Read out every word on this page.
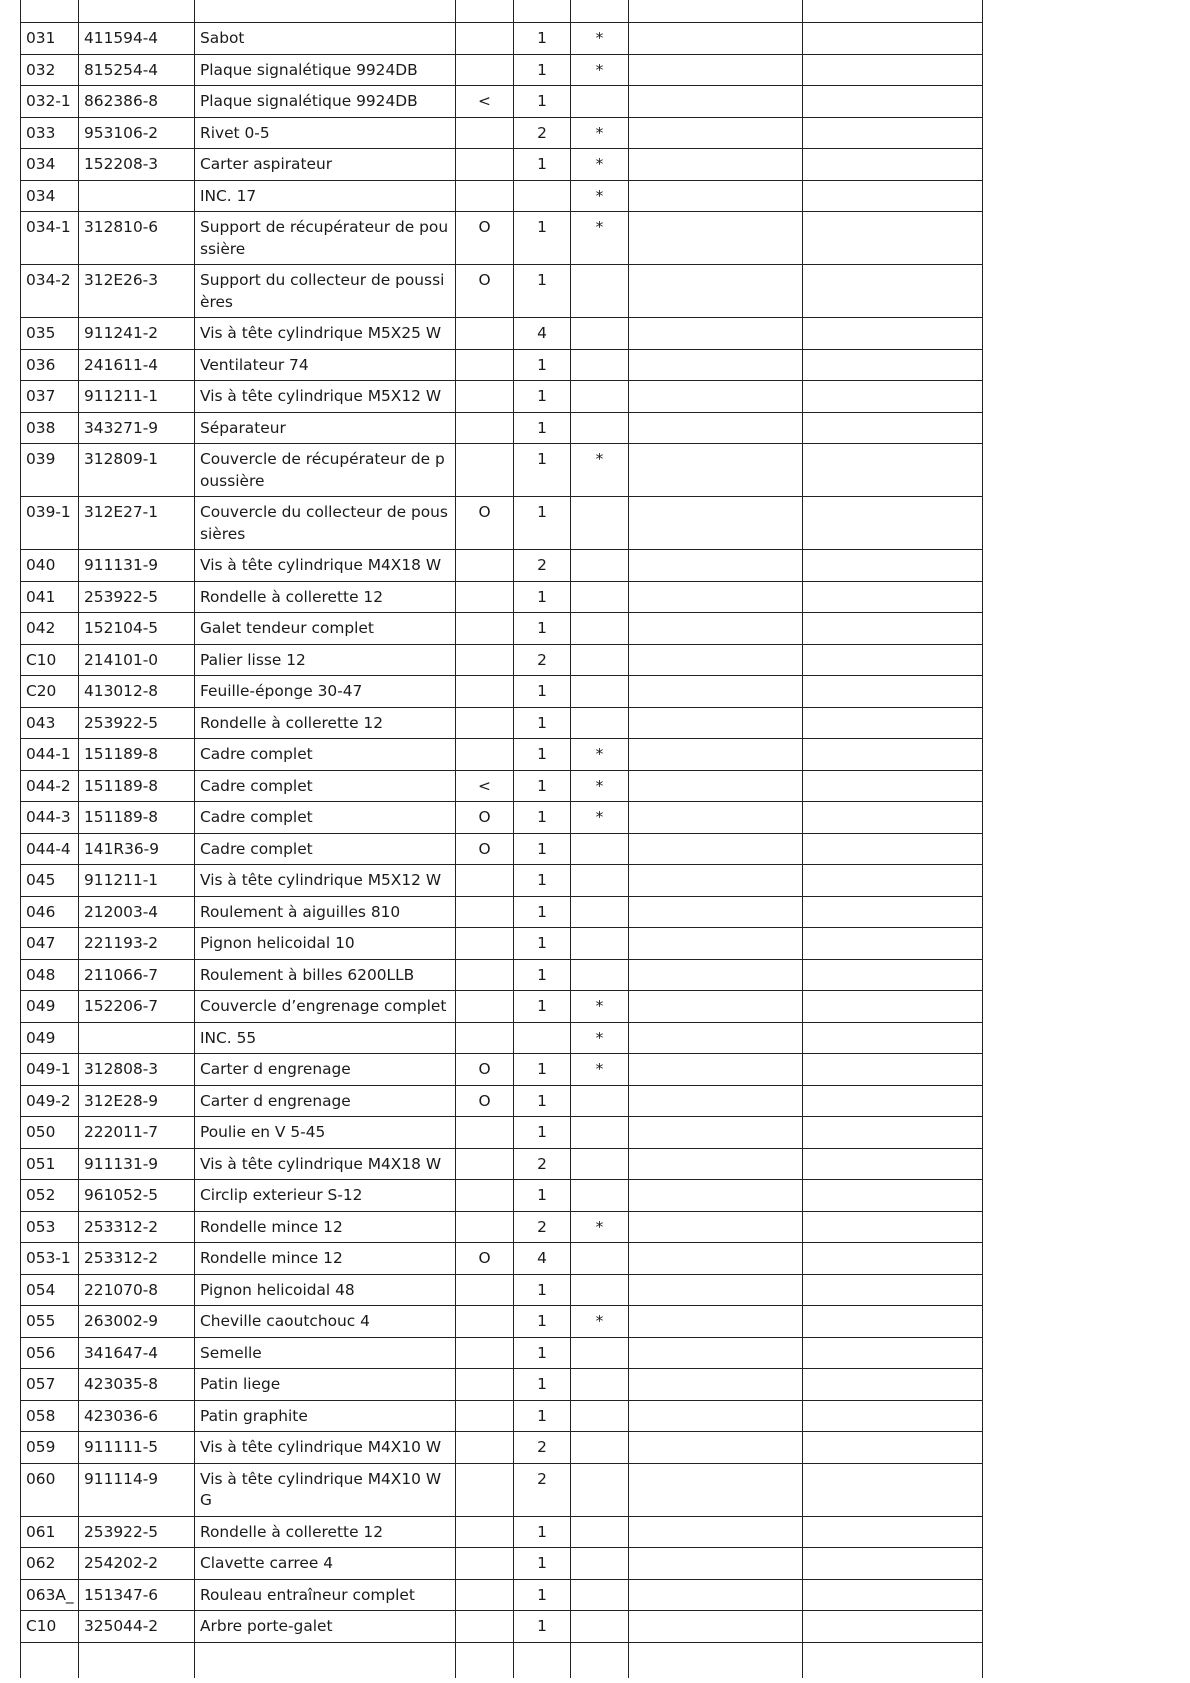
031	411594-4	Sabot		1	*		
032	815254-4	Plaque signalétique 9924DB		1	*		
032-1	862386-8	Plaque signalétique 9924DB	<	1			
033	953106-2	Rivet 0-5		2	*		
034	152208-3	Carter aspirateur		1	*		
034		INC. 17			*		
034-1	312810-6	Support de récupérateur de poussière	O	1	*		
034-2	312E26-3	Support du collecteur de poussières	O	1			
035	911241-2	Vis à tête cylindrique M5X25 W		4			
036	241611-4	Ventilateur 74		1			
037	911211-1	Vis à tête cylindrique M5X12 W		1			
038	343271-9	Séparateur		1			
039	312809-1	Couvercle de récupérateur de poussière		1	*		
039-1	312E27-1	Couvercle du collecteur de poussières	O	1			
040	911131-9	Vis à tête cylindrique M4X18 W		2			
041	253922-5	Rondelle à collerette 12		1			
042	152104-5	Galet tendeur complet		1			
C10	214101-0	Palier lisse 12		2			
C20	413012-8	Feuille-éponge 30-47		1			
043	253922-5	Rondelle à collerette 12		1			
044-1	151189-8	Cadre complet		1	*		
044-2	151189-8	Cadre complet	<	1	*		
044-3	151189-8	Cadre complet	O	1	*		
044-4	141R36-9	Cadre complet	O	1			
045	911211-1	Vis à tête cylindrique M5X12 W		1			
046	212003-4	Roulement à aiguilles 810		1			
047	221193-2	Pignon helicoidal 10		1			
048	211066-7	Roulement à billes 6200LLB		1			
049	152206-7	Couvercle d’engrenage complet		1	*		
049		INC. 55			*		
049-1	312808-3	Carter d engrenage	O	1	*		
049-2	312E28-9	Carter d engrenage	O	1			
050	222011-7	Poulie en V 5-45		1			
051	911131-9	Vis à tête cylindrique M4X18 W		2			
052	961052-5	Circlip exterieur S-12		1			
053	253312-2	Rondelle mince 12		2	*		
053-1	253312-2	Rondelle mince 12	O	4			
054	221070-8	Pignon helicoidal 48		1			
055	263002-9	Cheville caoutchouc 4		1	*		
056	341647-4	Semelle		1			
057	423035-8	Patin liege		1			
058	423036-6	Patin graphite		1			
059	911111-5	Vis à tête cylindrique M4X10 W		2			
060	911114-9	Vis à tête cylindrique M4X10 WG		2			
061	253922-5	Rondelle à collerette 12		1			
062	254202-2	Clavette carree 4		1			
063A_	151347-6	Rouleau entraîneur complet		1			
C10	325044-2	Arbre porte-galet		1			
